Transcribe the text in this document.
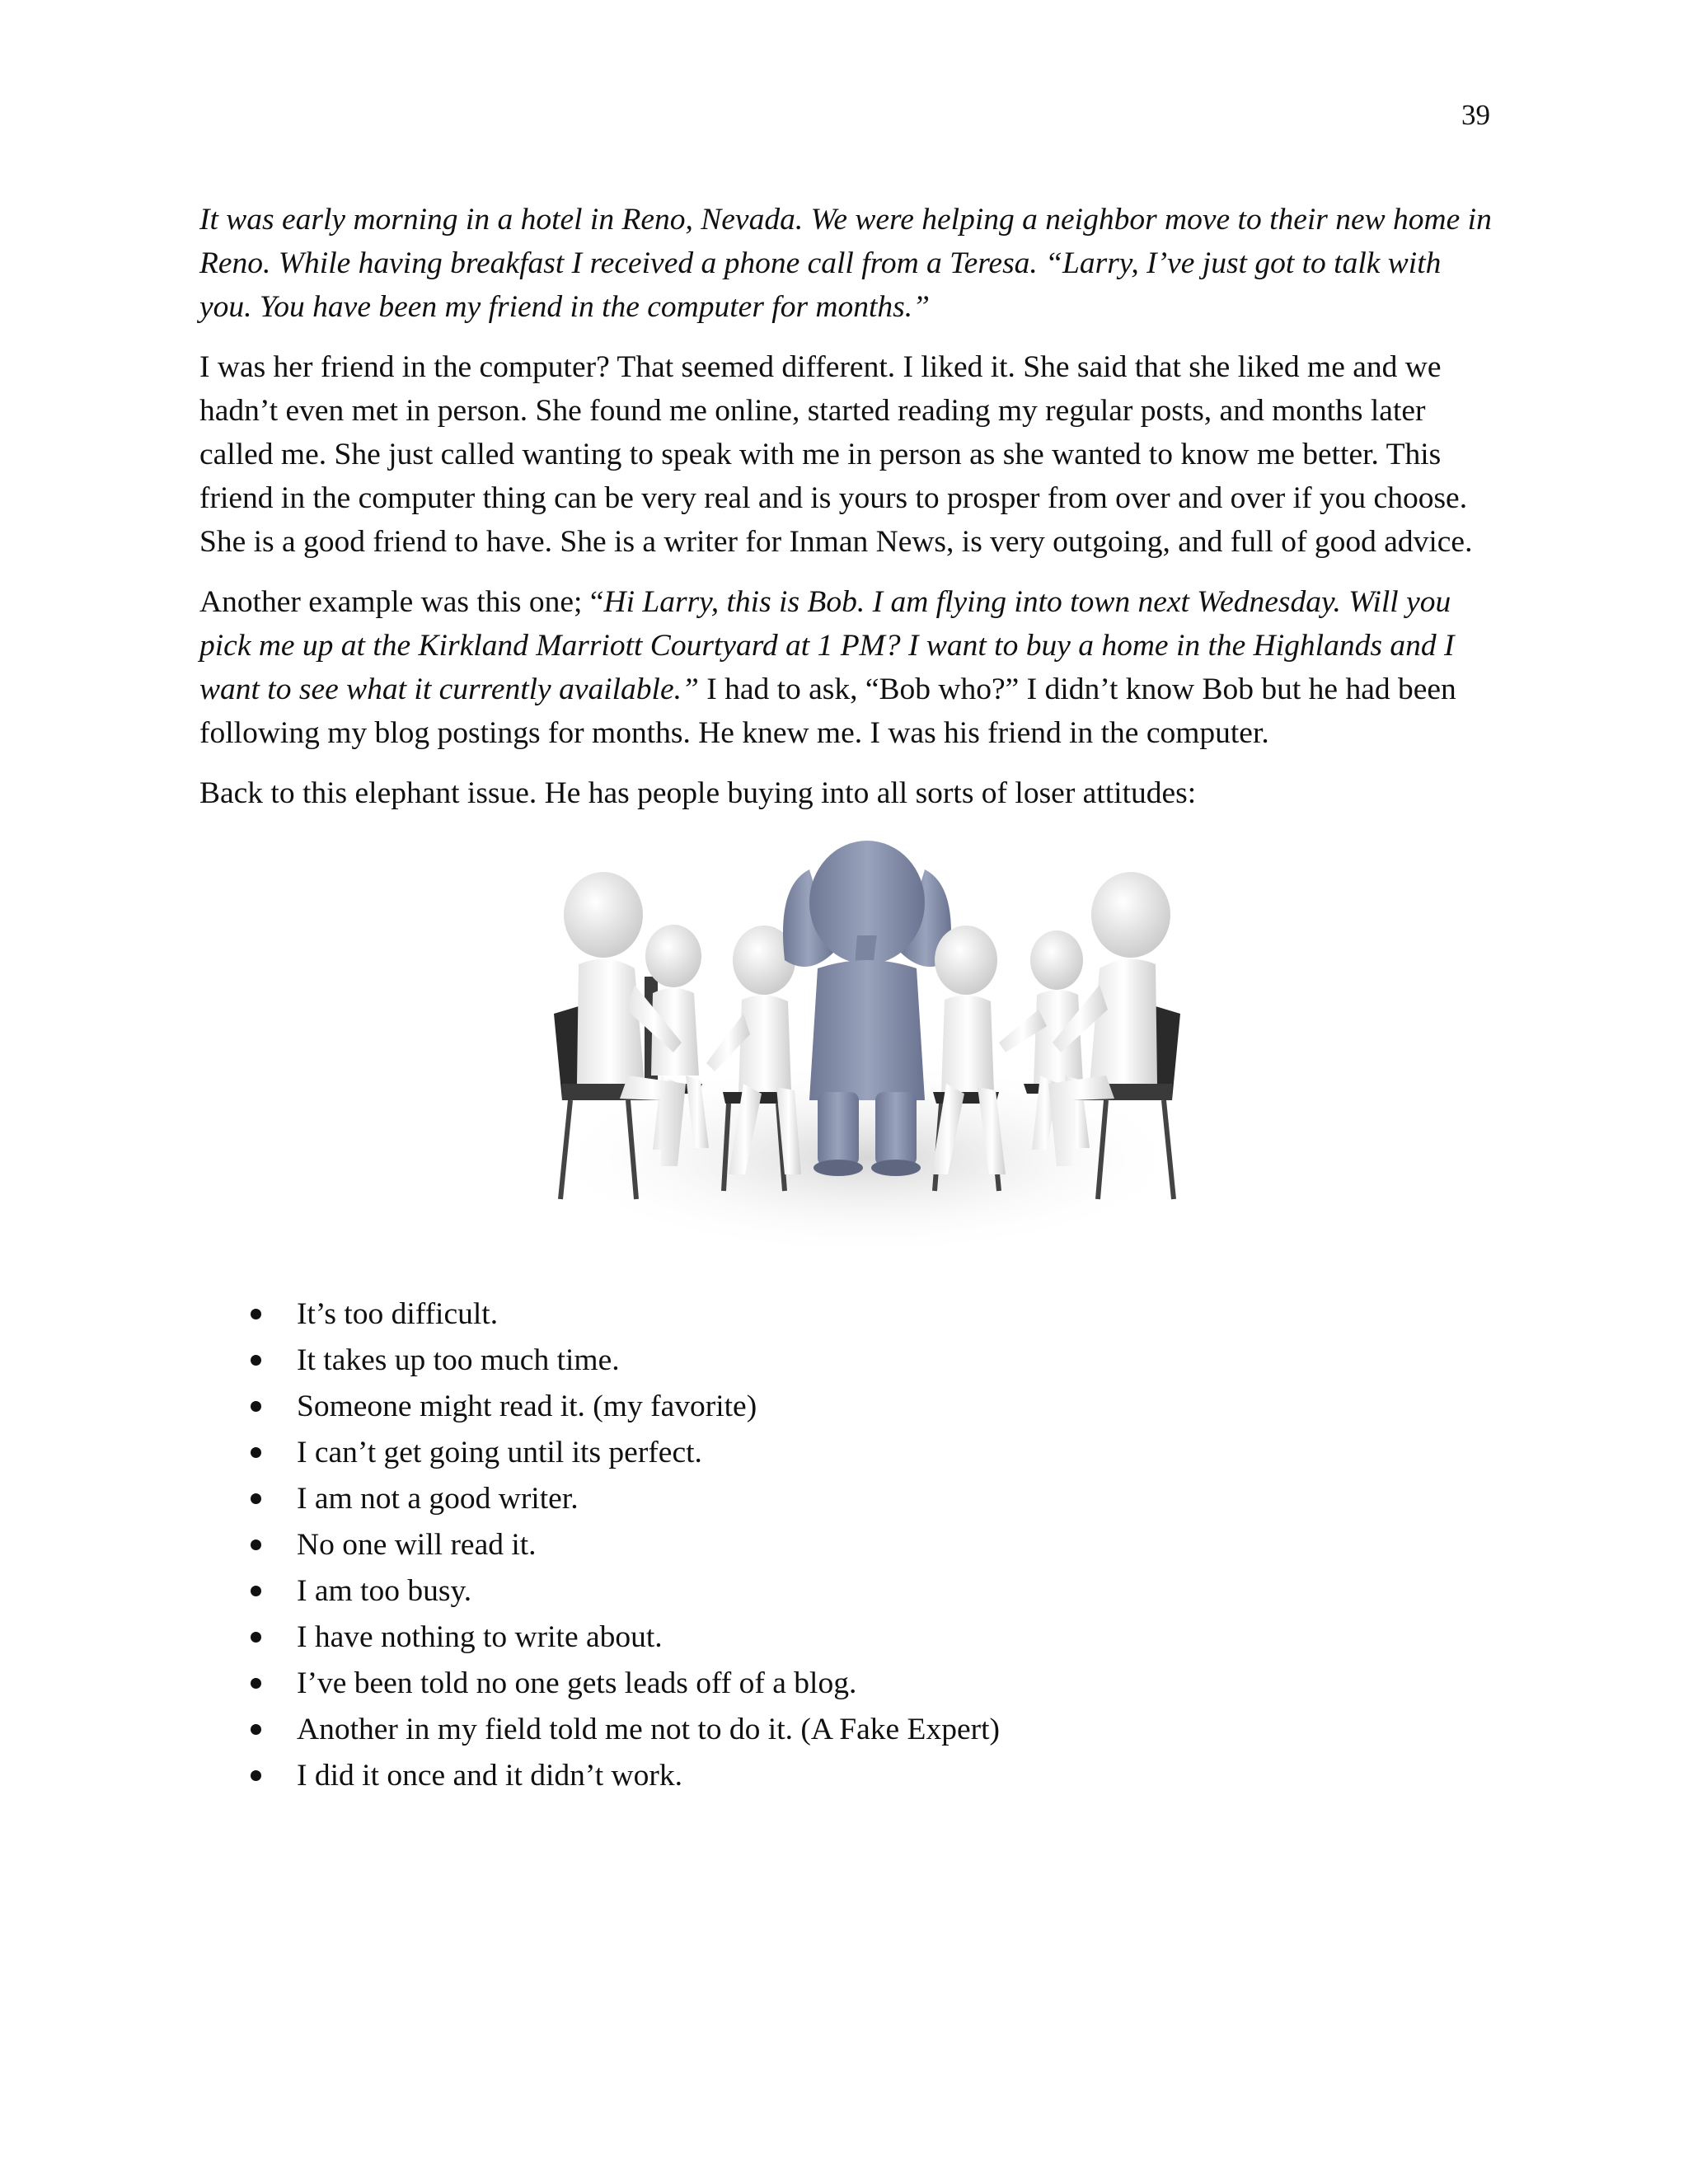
39

It was early morning in a hotel in Reno, Nevada. We were helping a neighbor move to their new home in Reno. While having breakfast I received a phone call from a Teresa. “Larry, I’ve just got to talk with you. You have been my friend in the computer for months.”

I was her friend in the computer? That seemed different. I liked it. She said that she liked me and we hadn’t even met in person. She found me online, started reading my regular posts, and months later called me. She just called wanting to speak with me in person as she wanted to know me better. This friend in the computer thing can be very real and is yours to prosper from over and over if you choose. She is a good friend to have. She is a writer for Inman News, is very outgoing, and full of good advice.

Another example was this one; “Hi Larry, this is Bob. I am flying into town next Wednesday. Will you pick me up at the Kirkland Marriott Courtyard at 1 PM? I want to buy a home in the Highlands and I want to see what it currently available.” I had to ask, “Bob who?” I didn’t know Bob but he had been following my blog postings for months. He knew me. I was his friend in the computer.

Back to this elephant issue. He has people buying into all sorts of loser attitudes:

It’s too difficult.
It takes up too much time.
Someone might read it. (my favorite)
I can’t get going until its perfect.
I am not a good writer.
No one will read it.
I am too busy.
I have nothing to write about.
I’ve been told no one gets leads off of a blog.
Another in my field told me not to do it. (A Fake Expert)
I did it once and it didn’t work.
